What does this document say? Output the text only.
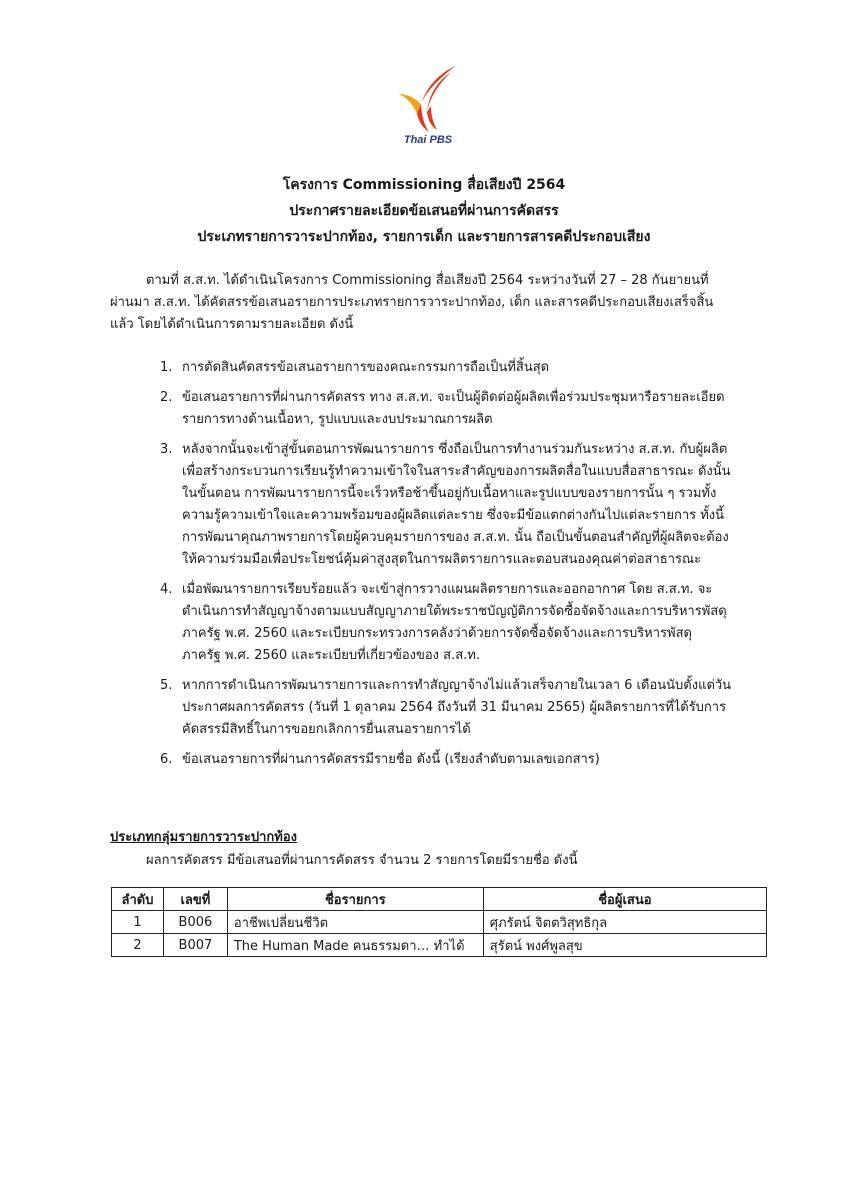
Thai PBS
โครงการ Commissioning สื่อเสียงปี 2564
ประกาศรายละเอียดข้อเสนอที่ผ่านการคัดสรร
ประเภทรายการวาระปากท้อง, รายการเด็ก และรายการสารคดีประกอบเสียง
ตามที่ ส.ส.ท. ได้ดำเนินโครงการ Commissioning สื่อเสียงปี 2564 ระหว่างวันที่ 27 – 28 กันยายนที่
ผ่านมา ส.ส.ท. ได้คัดสรรข้อเสนอรายการประเภทรายการวาระปากท้อง, เด็ก และสารคดีประกอบเสียงเสร็จสิ้น
แล้ว โดยได้ดำเนินการตามรายละเอียด ดังนี้
1. การตัดสินคัดสรรข้อเสนอรายการของคณะกรรมการถือเป็นที่สิ้นสุด
2. ข้อเสนอรายการที่ผ่านการคัดสรร ทาง ส.ส.ท. จะเป็นผู้ติดต่อผู้ผลิตเพื่อร่วมประชุมหารือรายละเอียด
รายการทางด้านเนื้อหา, รูปแบบและงบประมาณการผลิต
3. หลังจากนั้นจะเข้าสู่ขั้นตอนการพัฒนารายการ ซึ่งถือเป็นการทำงานร่วมกันระหว่าง ส.ส.ท. กับผู้ผลิต
เพื่อสร้างกระบวนการเรียนรู้ทำความเข้าใจในสาระสำคัญของการผลิตสื่อในแบบสื่อสาธารณะ ดังนั้น
ในขั้นตอน การพัฒนารายการนี้จะเร็วหรือช้าขึ้นอยู่กับเนื้อหาและรูปแบบของรายการนั้น ๆ รวมทั้ง
ความรู้ความเข้าใจและความพร้อมของผู้ผลิตแต่ละราย ซึ่งจะมีข้อแตกต่างกันไปแต่ละรายการ ทั้งนี้
การพัฒนาคุณภาพรายการโดยผู้ควบคุมรายการของ ส.ส.ท. นั้น ถือเป็นขั้นตอนสำคัญที่ผู้ผลิตจะต้อง
ให้ความร่วมมือเพื่อประโยชน์คุ้มค่าสูงสุดในการผลิตรายการและตอบสนองคุณค่าต่อสาธารณะ
4. เมื่อพัฒนารายการเรียบร้อยแล้ว จะเข้าสู่การวางแผนผลิตรายการและออกอากาศ โดย ส.ส.ท. จะ
ดำเนินการทำสัญญาจ้างตามแบบสัญญาภายใต้พระราชบัญญัติการจัดซื้อจัดจ้างและการบริหารพัสดุ
ภาครัฐ พ.ศ. 2560 และระเบียบกระทรวงการคลังว่าด้วยการจัดซื้อจัดจ้างและการบริหารพัสดุ
ภาครัฐ พ.ศ. 2560 และระเบียบที่เกี่ยวข้องของ ส.ส.ท.
5. หากการดำเนินการพัฒนารายการและการทำสัญญาจ้างไม่แล้วเสร็จภายในเวลา 6 เดือนนับตั้งแต่วัน
ประกาศผลการคัดสรร (วันที่ 1 ตุลาคม 2564 ถึงวันที่ 31 มีนาคม 2565) ผู้ผลิตรายการที่ได้รับการ
คัดสรรมีสิทธิ์ในการขอยกเลิกการยื่นเสนอรายการได้
6. ข้อเสนอรายการที่ผ่านการคัดสรรมีรายชื่อ ดังนี้ (เรียงลำดับตามเลขเอกสาร)
ประเภทกลุ่มรายการวาระปากท้อง
ผลการคัดสรร มีข้อเสนอที่ผ่านการคัดสรร จำนวน 2 รายการโดยมีรายชื่อ ดังนี้
ลำดับ	เลขที่	ชื่อรายการ	ชื่อผู้เสนอ
1	B006	อาชีพเปลี่ยนชีวิต	ศุภรัตน์ จิตตวิสุทธิกุล
2	B007	The Human Made คนธรรมดา… ทำได้	สุรัตน์ พงศ์พูลสุข
